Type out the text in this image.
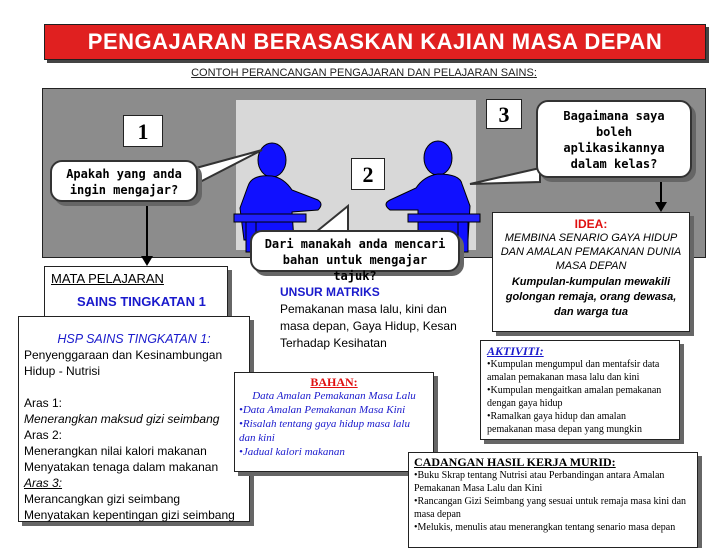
PENGAJARAN BERASASKAN KAJIAN MASA DEPAN
CONTOH PERANCANGAN PENGAJARAN DAN PELAJARAN SAINS:
1
2
3
Apakah yang anda ingin mengajar?
Bagaimana saya boleh aplikasikannya dalam kelas?
Dari manakah anda mencari bahan untuk mengajar tajuk?
IDEA:
MEMBINA SENARIO GAYA HIDUP DAN AMALAN PEMAKANAN DUNIA MASA DEPAN
Kumpulan-kumpulan mewakili golongan remaja, orang dewasa, dan warga tua
MATA PELAJARAN
SAINS TINGKATAN 1
UNSUR MATRIKS
Pemakanan masa lalu, kini dan masa depan, Gaya Hidup, Kesan Terhadap Kesihatan
HSP SAINS TINGKATAN 1:
Penyenggaraan dan Kesinambungan Hidup - Nutrisi
Aras 1:
Menerangkan maksud gizi seimbang
Aras 2:
Menerangkan nilai kalori makanan
Menyatakan tenaga dalam makanan
Aras 3:
Merancangkan gizi seimbang
Menyatakan kepentingan gizi seimbang
BAHAN:
Data Amalan Pemakanan Masa Lalu
•Data Amalan Pemakanan Masa Kini
•Risalah tentang gaya hidup masa lalu dan kini
•Jadual kalori makanan
AKTIVITI:
•Kumpulan mengumpul dan mentafsir data amalan pemakanan masa lalu dan kini
•Kumpulan mengaitkan amalan pemakanan dengan gaya hidup
•Ramalkan gaya hidup dan amalan pemakanan masa depan yang mungkin
CADANGAN HASIL KERJA MURID:
•Buku Skrap tentang Nutrisi atau Perbandingan antara Amalan Pemakanan Masa Lalu dan Kini
•Rancangan Gizi Seimbang yang sesuai untuk remaja masa kini dan masa depan
•Melukis, menulis atau menerangkan tentang senario masa depan
